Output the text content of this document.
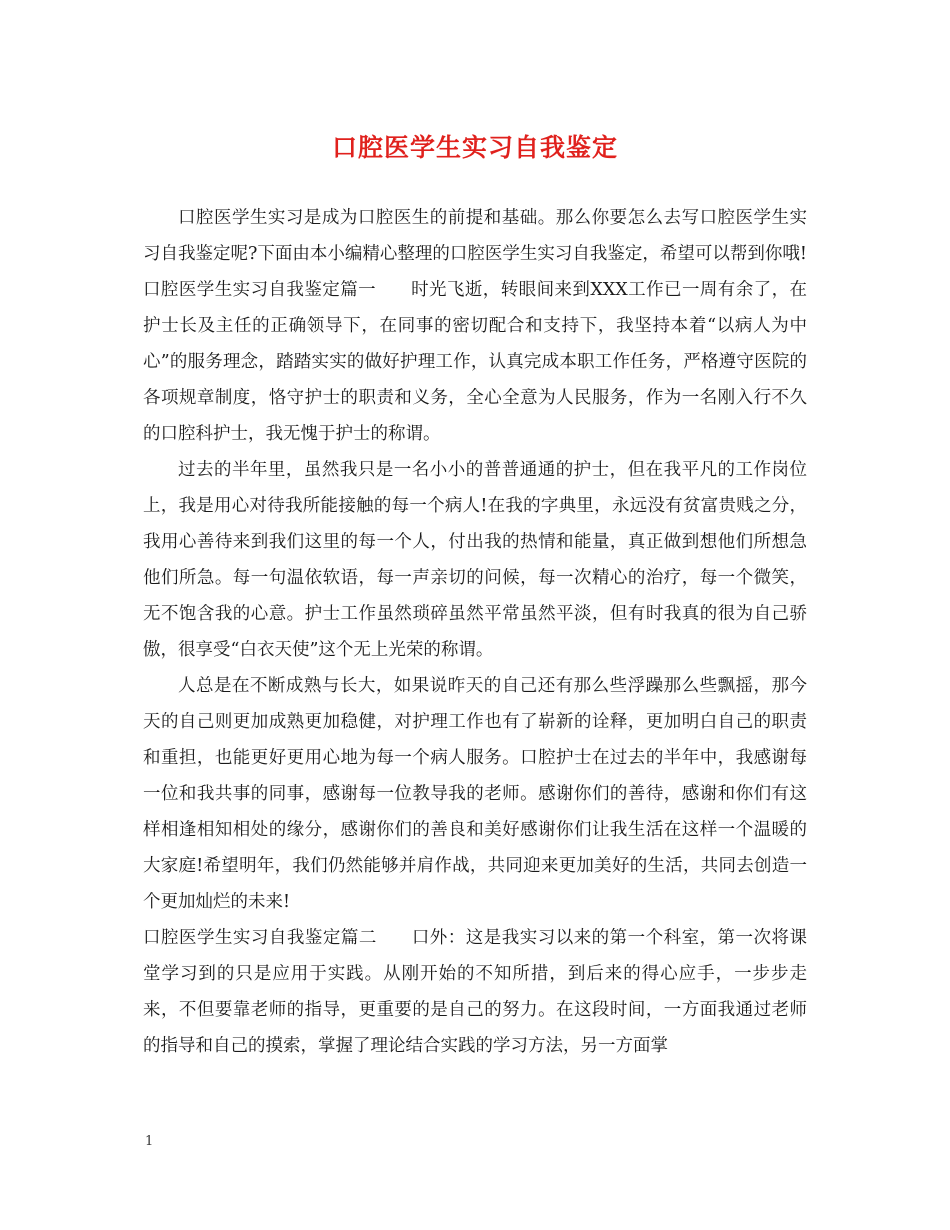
口腔医学生实习自我鉴定

口腔医学生实习是成为口腔医生的前提和基础。那么你要怎么去写口腔医学生实习自我鉴定呢?下面由本小编精心整理的口腔医学生实习自我鉴定，希望可以帮到你哦!

口腔医学生实习自我鉴定篇一 时光飞逝，转眼间来到XXX工作已一周有余了，在护士长及主任的正确领导下，在同事的密切配合和支持下，我坚持本着“以病人为中心”的服务理念，踏踏实实的做好护理工作，认真完成本职工作任务，严格遵守医院的各项规章制度，恪守护士的职责和义务，全心全意为人民服务，作为一名刚入行不久的口腔科护士，我无愧于护士的称谓。

过去的半年里，虽然我只是一名小小的普普通通的护士，但在我平凡的工作岗位上，我是用心对待我所能接触的每一个病人!在我的字典里，永远没有贫富贵贱之分，我用心善待来到我们这里的每一个人，付出我的热情和能量，真正做到想他们所想急他们所急。每一句温依软语，每一声亲切的问候，每一次精心的治疗，每一个微笑，无不饱含我的心意。护士工作虽然琐碎虽然平常虽然平淡，但有时我真的很为自己骄傲，很享受“白衣天使”这个无上光荣的称谓。

人总是在不断成熟与长大，如果说昨天的自己还有那么些浮躁那么些飘摇，那今天的自己则更加成熟更加稳健，对护理工作也有了崭新的诠释，更加明白自己的职责和重担，也能更好更用心地为每一个病人服务。口腔护士在过去的半年中，我感谢每一位和我共事的同事，感谢每一位教导我的老师。感谢你们的善待，感谢和你们有这样相逢相知相处的缘分，感谢你们的善良和美好感谢你们让我生活在这样一个温暖的大家庭!希望明年，我们仍然能够并肩作战，共同迎来更加美好的生活，共同去创造一个更加灿烂的未来!

口腔医学生实习自我鉴定篇二 口外：这是我实习以来的第一个科室，第一次将课堂学习到的只是应用于实践。从刚开始的不知所措，到后来的得心应手，一步步走来，不但要靠老师的指导，更重要的是自己的努力。在这段时间，一方面我通过老师的指导和自己的摸索，掌握了理论结合实践的学习方法，另一方面掌

1
